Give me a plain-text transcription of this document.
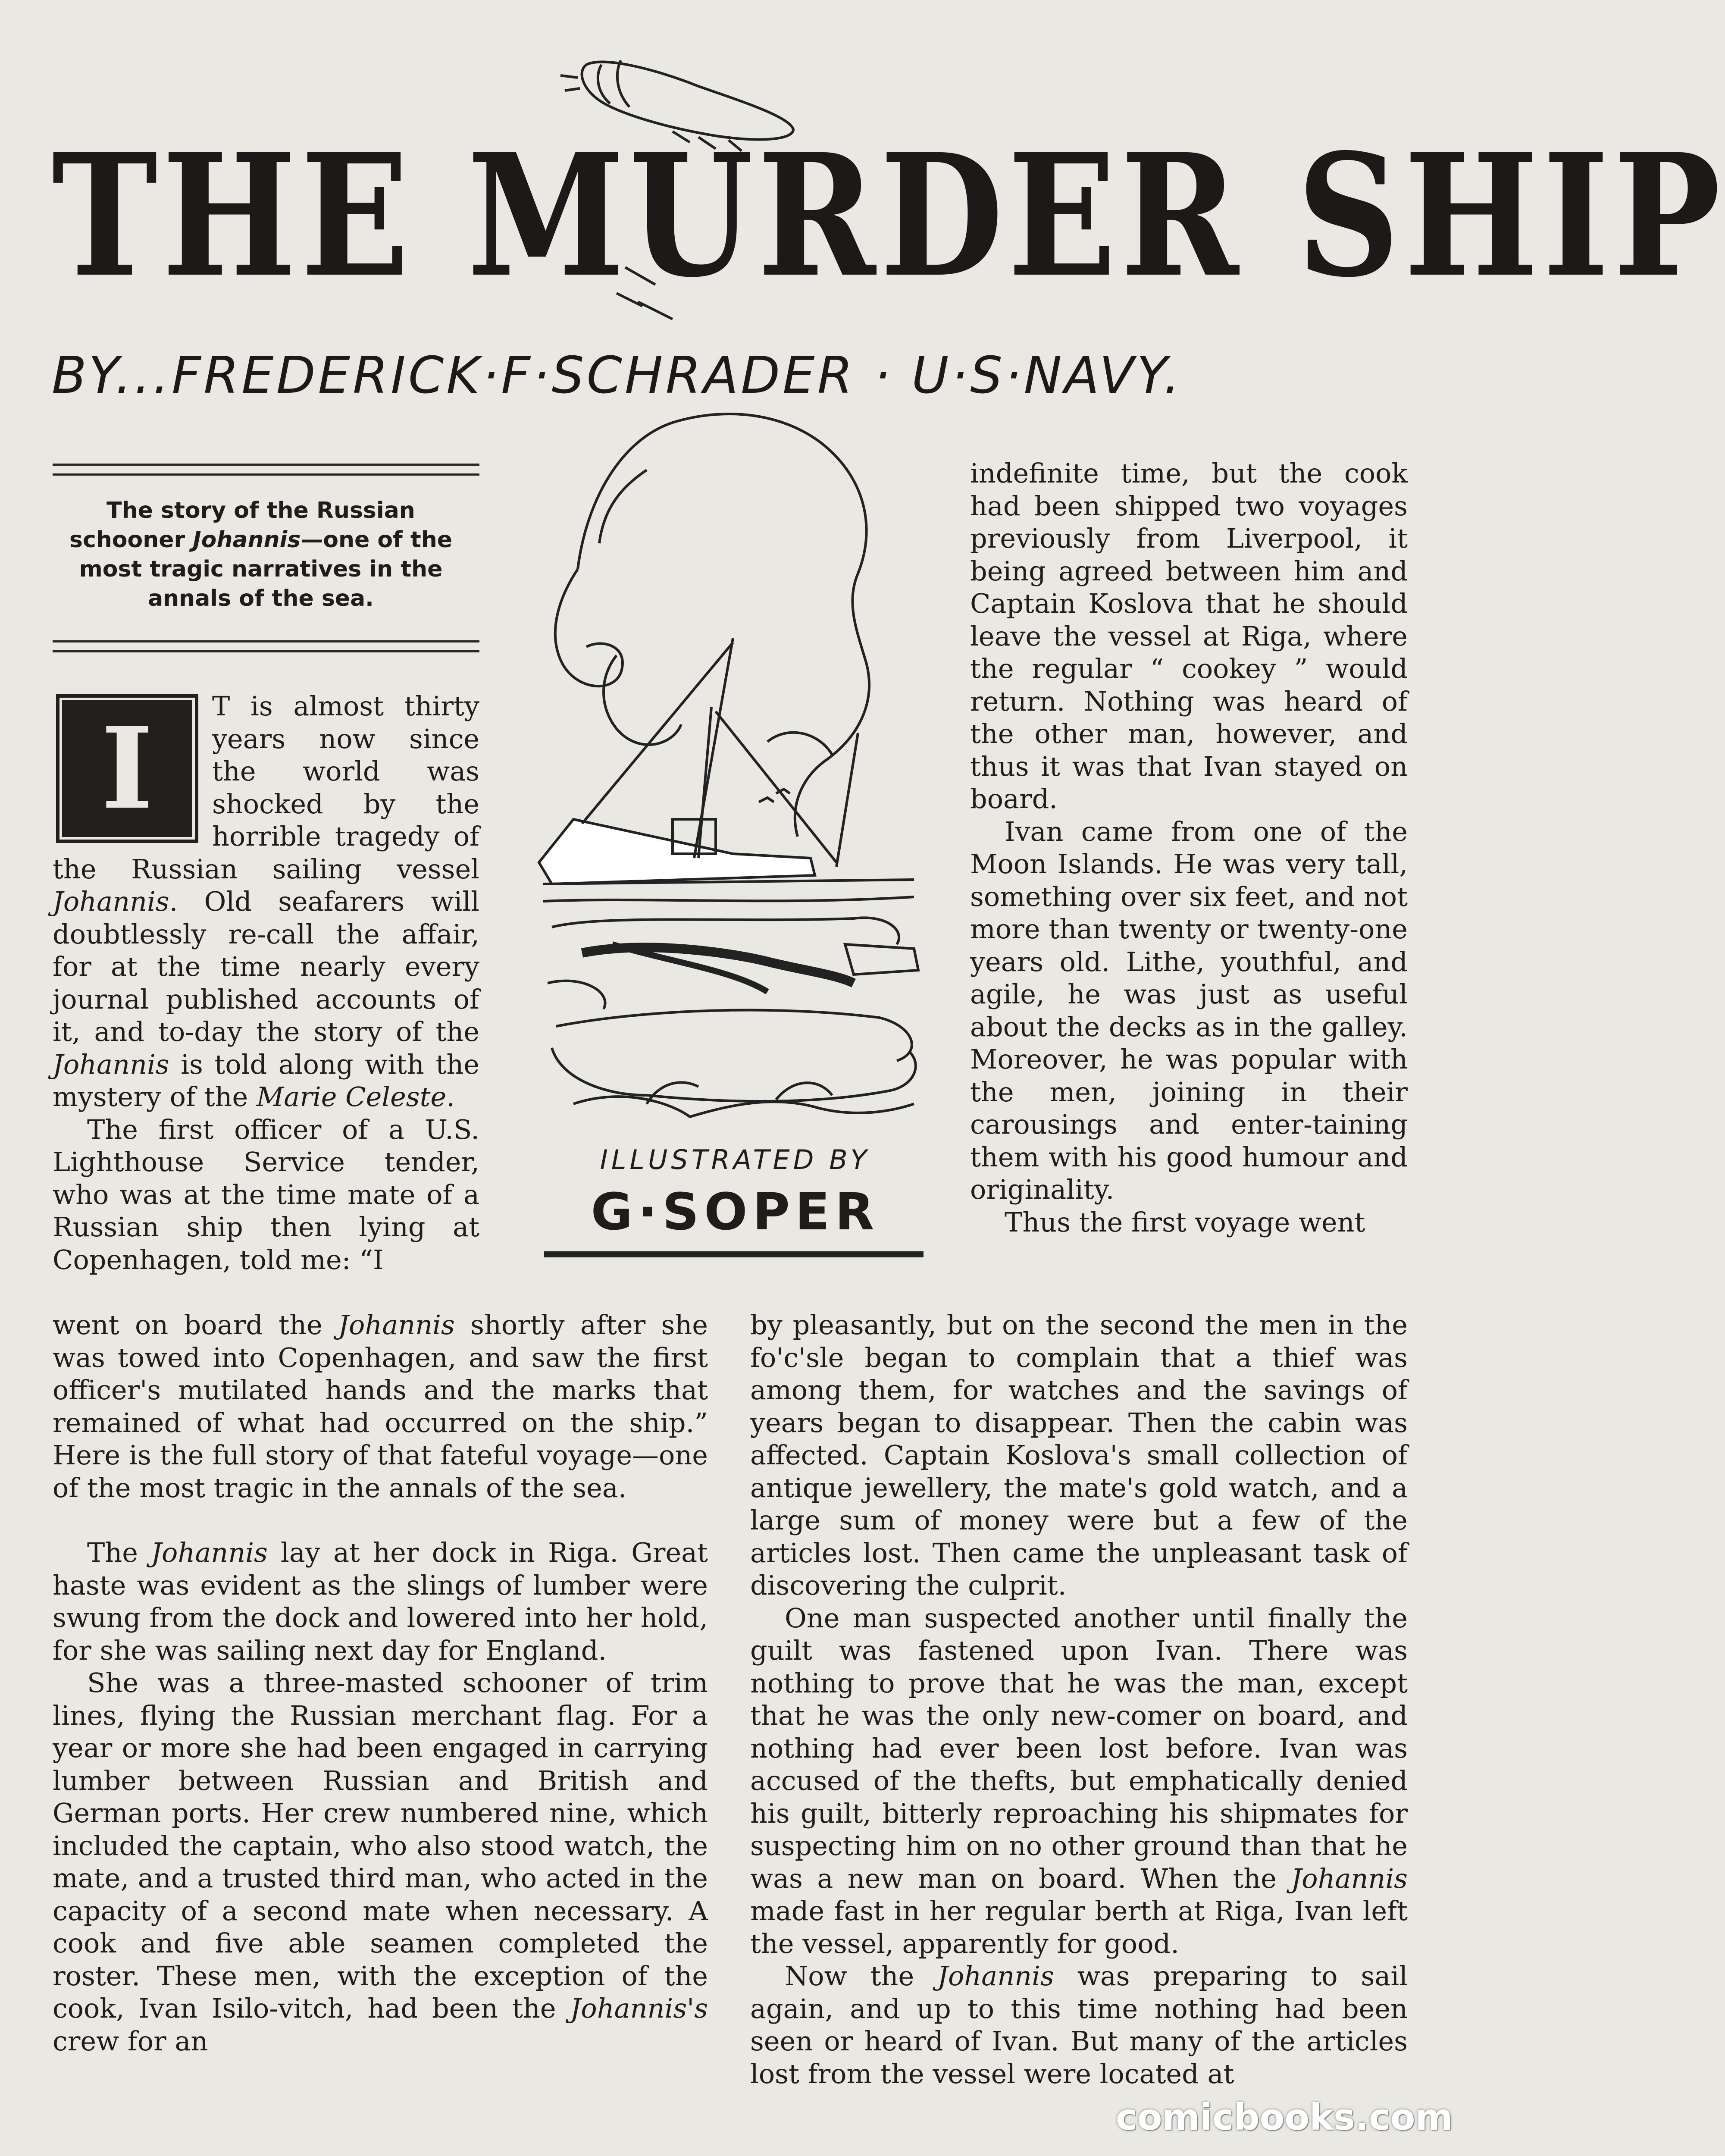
THE MURDER SHIP
BY...FREDERICK·F·SCHRADER · U·S·NAVY.
The story of the Russian schooner Johannis—one of the most tragic narratives in the annals of the sea.

T is almost thirty years now since the world was shocked by the horrible tragedy of the Russian sailing vessel Johannis. Old seafarers will doubtlessly re-call the affair, for at the time nearly every journal published accounts of it, and to-day the story of the Johannis is told along with the mystery of the Marie Celeste.

The first officer of a U.S. Lighthouse Service tender, who was at the time mate of a Russian ship then lying at Copenhagen, told me: “I

I
ILLUSTRATED BY
G·SOPER

indefinite time, but the cook had been shipped two voyages previously from Liverpool, it being agreed between him and Captain Koslova that he should leave the vessel at Riga, where the regular “ cookey ” would return. Nothing was heard of the other man, however, and thus it was that Ivan stayed on board.

Ivan came from one of the Moon Islands. He was very tall, something over six feet, and not more than twenty or twenty-one years old. Lithe, youthful, and agile, he was just as useful about the decks as in the galley. Moreover, he was popular with the men, joining in their carousings and enter-taining them with his good humour and originality.

Thus the first voyage went

went on board the Johannis shortly after she was towed into Copenhagen, and saw the first officer's mutilated hands and the marks that remained of what had occurred on the ship.” Here is the full story of that fateful voyage—one of the most tragic in the annals of the sea.

The Johannis lay at her dock in Riga. Great haste was evident as the slings of lumber were swung from the dock and lowered into her hold, for she was sailing next day for England.

She was a three-masted schooner of trim lines, flying the Russian merchant flag. For a year or more she had been engaged in carrying lumber between Russian and British and German ports. Her crew numbered nine, which included the captain, who also stood watch, the mate, and a trusted third man, who acted in the capacity of a second mate when necessary. A cook and five able seamen completed the roster. These men, with the exception of the cook, Ivan Isilo-vitch, had been the Johannis's crew for an

by pleasantly, but on the second the men in the fo'c'sle began to complain that a thief was among them, for watches and the savings of years began to disappear. Then the cabin was affected. Captain Koslova's small collection of antique jewellery, the mate's gold watch, and a large sum of money were but a few of the articles lost. Then came the unpleasant task of discovering the culprit.

One man suspected another until finally the guilt was fastened upon Ivan. There was nothing to prove that he was the man, except that he was the only new-comer on board, and nothing had ever been lost before. Ivan was accused of the thefts, but emphatically denied his guilt, bitterly reproaching his shipmates for suspecting him on no other ground than that he was a new man on board. When the Johannis made fast in her regular berth at Riga, Ivan left the vessel, apparently for good.

Now the Johannis was preparing to sail again, and up to this time nothing had been seen or heard of Ivan. But many of the articles lost from the vessel were located at

comicbooks.com
